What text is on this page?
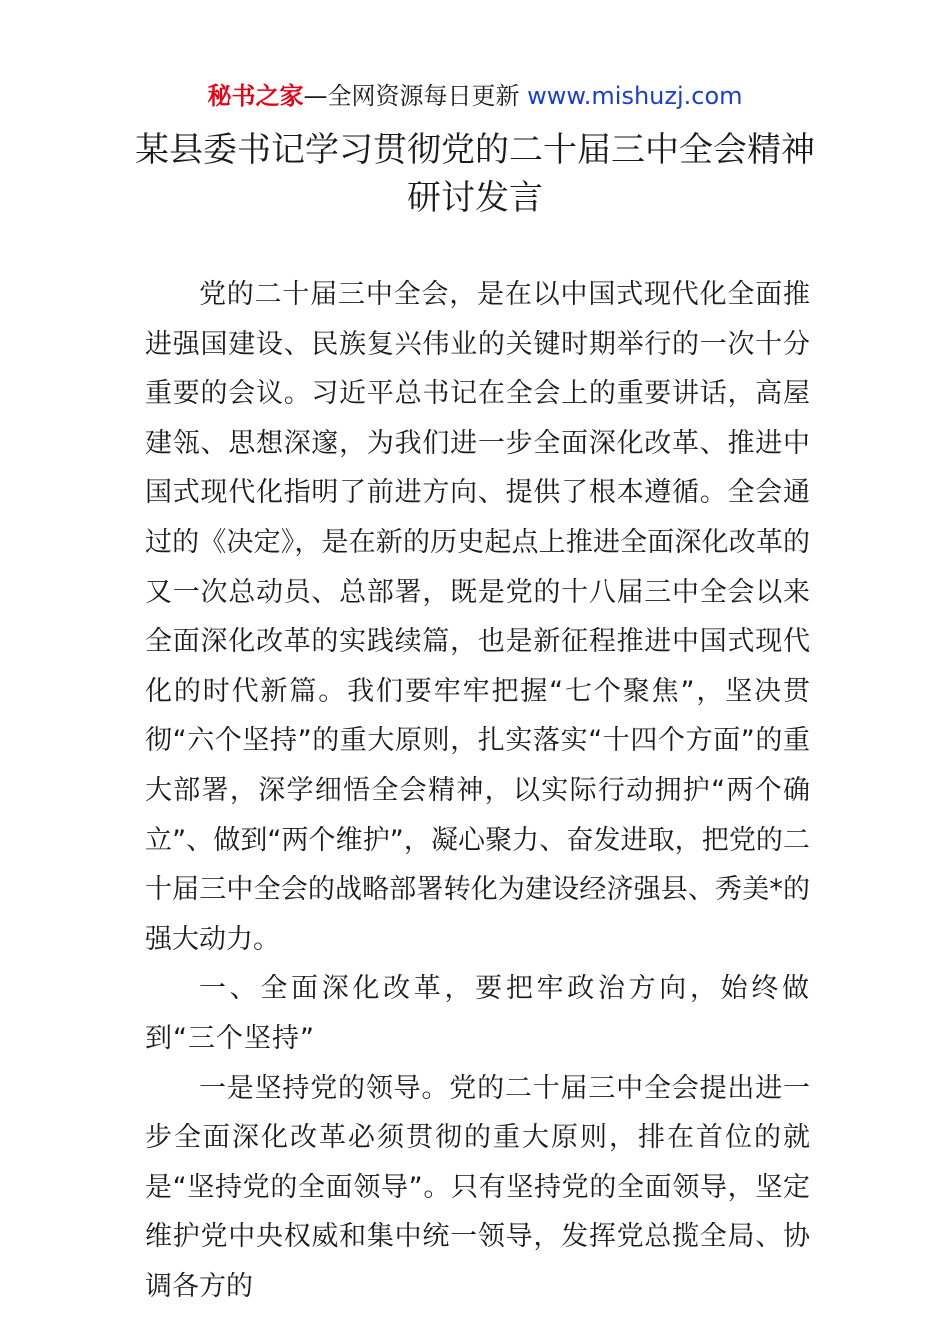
秘书之家—全网资源每日更新 www.mishuzj.com
某县委书记学习贯彻党的二十届三中全会精神
研讨发言

党的二十届三中全会，是在以中国式现代化全面推进强国建设、民族复兴伟业的关键时期举行的一次十分重要的会议。习近平总书记在全会上的重要讲话，高屋建瓴、思想深邃，为我们进一步全面深化改革、推进中国式现代化指明了前进方向、提供了根本遵循。全会通过的《决定》，是在新的历史起点上推进全面深化改革的又一次总动员、总部署，既是党的十八届三中全会以来全面深化改革的实践续篇，也是新征程推进中国式现代化的时代新篇。我们要牢牢把握“七个聚焦”，坚决贯彻“六个坚持”的重大原则，扎实落实“十四个方面”的重大部署，深学细悟全会精神，以实际行动拥护“两个确立”、做到“两个维护”，凝心聚力、奋发进取，把党的二十届三中全会的战略部署转化为建设经济强县、秀美*的强大动力。

一、全面深化改革，要把牢政治方向，始终做到“三个坚持”

一是坚持党的领导。党的二十届三中全会提出进一步全面深化改革必须贯彻的重大原则，排在首位的就是“坚持党的全面领导”。只有坚持党的全面领导，坚定维护党中央权威和集中统一领导，发挥党总揽全局、协调各方的
